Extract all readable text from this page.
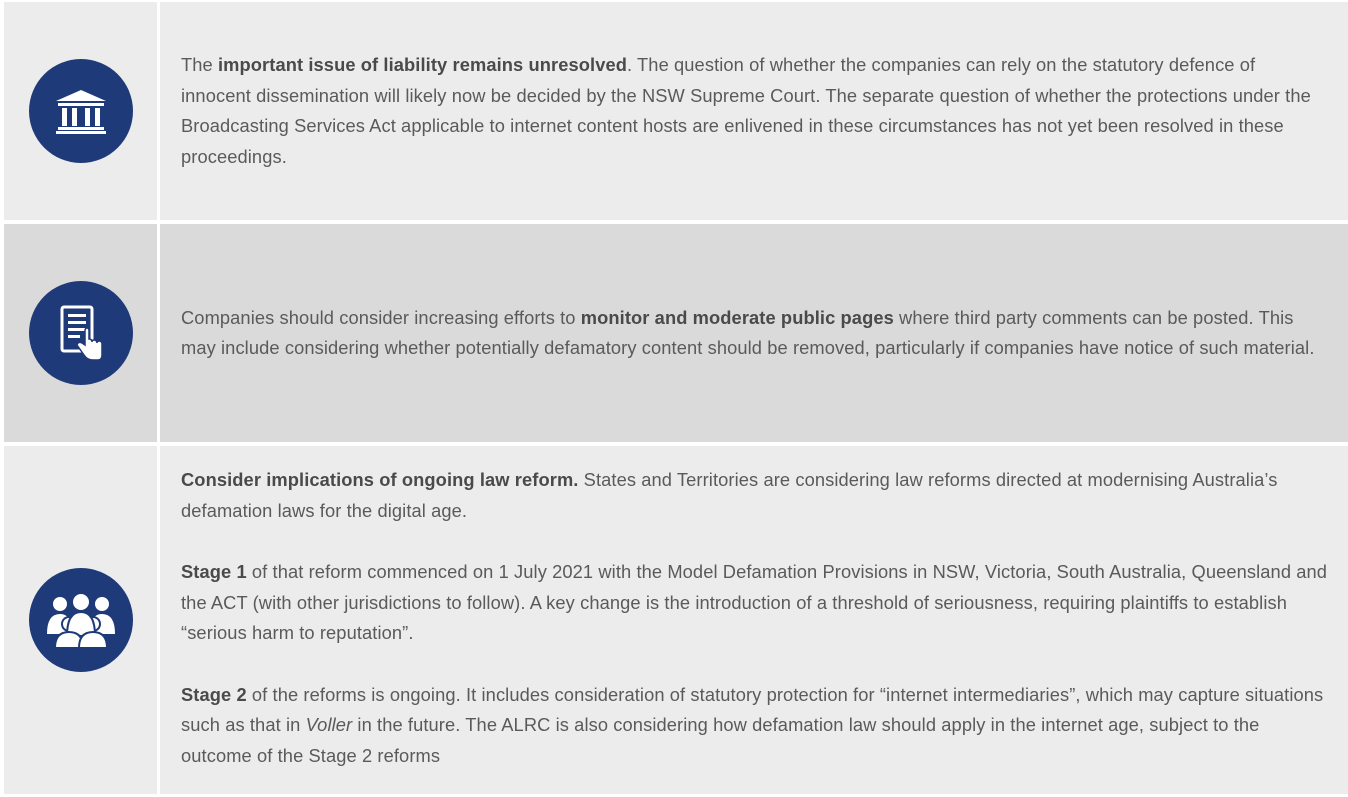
The important issue of liability remains unresolved. The question of whether the companies can rely on the statutory defence of innocent dissemination will likely now be decided by the NSW Supreme Court. The separate question of whether the protections under the Broadcasting Services Act applicable to internet content hosts are enlivened in these circumstances has not yet been resolved in these proceedings.

Companies should consider increasing efforts to monitor and moderate public pages where third party comments can be posted. This may include considering whether potentially defamatory content should be removed, particularly if companies have notice of such material.

Consider implications of ongoing law reform. States and Territories are considering law reforms directed at modernising Australia’s defamation laws for the digital age.

Stage 1 of that reform commenced on 1 July 2021 with the Model Defamation Provisions in NSW, Victoria, South Australia, Queensland and the ACT (with other jurisdictions to follow). A key change is the introduction of a threshold of seriousness, requiring plaintiffs to establish “serious harm to reputation”.

Stage 2 of the reforms is ongoing. It includes consideration of statutory protection for “internet intermediaries”, which may capture situations such as that in Voller in the future. The ALRC is also considering how defamation law should apply in the internet age, subject to the outcome of the Stage 2 reforms
